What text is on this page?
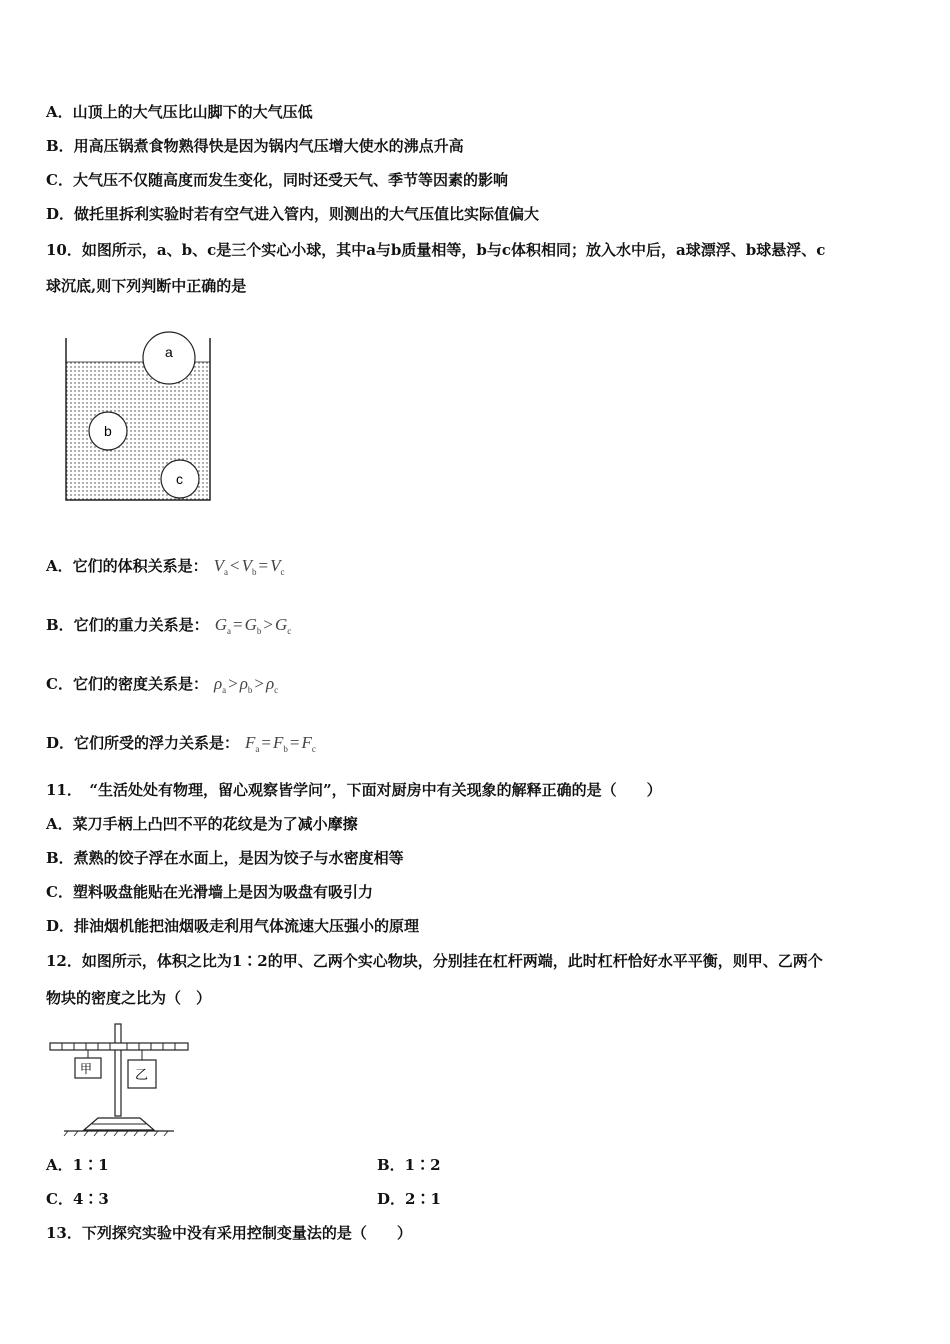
A．山顶上的大气压比山脚下的大气压低
B．用高压锅煮食物熟得快是因为锅内气压增大使水的沸点升高
C．大气压不仅随高度而发生变化，同时还受天气、季节等因素的影响
D．做托里拆利实验时若有空气进入管内，则测出的大气压值比实际值偏大
10．如图所示，a、b、c是三个实心小球，其中a与b质量相等，b与c体积相同；放入水中后，a球漂浮、b球悬浮、c
球沉底,则下列判断中正确的是
a
b
c
A．它们的体积关系是： $V_a < V_b = V_c$
B．它们的重力关系是： $G_a = G_b > G_c$
C．它们的密度关系是： $\rho_a > \rho_b > \rho_c$
D．它们所受的浮力关系是： $F_a = F_b = F_c$
11．　“生活处处有物理，留心观察皆学问”，下面对厨房中有关现象的解释正确的是（　　）
A．菜刀手柄上凸凹不平的花纹是为了减小摩擦
B．煮熟的饺子浮在水面上，是因为饺子与水密度相等
C．塑料吸盘能贴在光滑墙上是因为吸盘有吸引力
D．排油烟机能把油烟吸走利用气体流速大压强小的原理
12．如图所示，体积之比为1∶2的甲、乙两个实心物块，分别挂在杠杆两端，此时杠杆恰好水平平衡，则甲、乙两个
物块的密度之比为（　）
甲	乙
A．1∶1	B．1∶2
C．4∶3	D．2∶1
13．下列探究实验中没有采用控制变量法的是（　　）
